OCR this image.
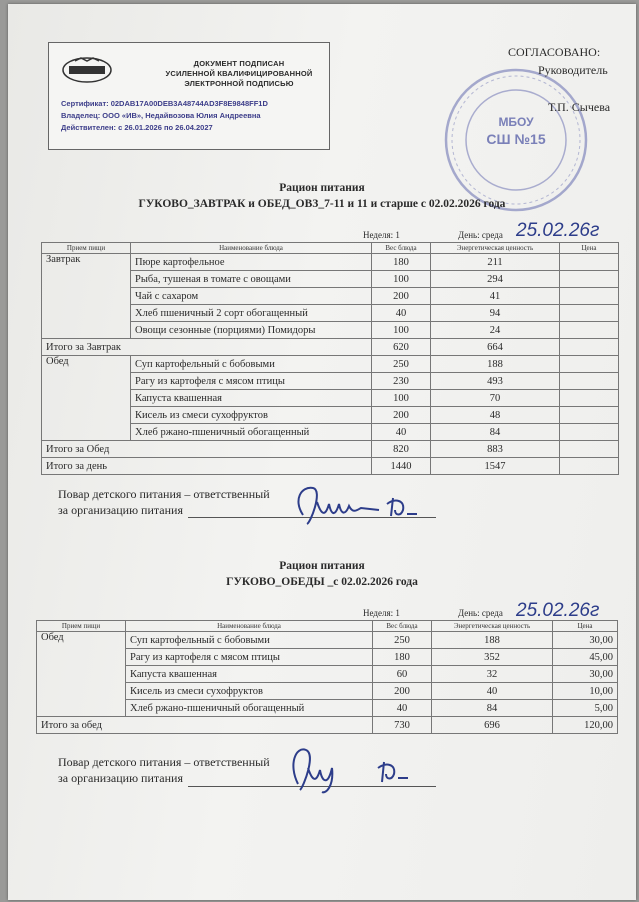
ДОКУМЕНТ ПОДПИСАН
УСИЛЕННОЙ КВАЛИФИЦИРОВАННОЙ
ЭЛЕКТРОННОЙ ПОДПИСЬЮ
Сертификат: 02DAB17A00DEB3A48744AD3F8E9848FF1D
Владелец: ООО «ИВ», Недайвозова Юлия Андреевна
Действителен: с 26.01.2026 по 26.04.2027	МБОУ
СШ №15
СОГЛАСОВАНО:
Руководитель
Т.П. Сычева
Рацион питания
ГУКОВО_ЗАВТРАК и ОБЕД_ОВЗ_7-11 и 11 и старше с 02.02.2026 года
Неделя: 1	День: среда 25.02.26г
Прием пищи	Наименование блюда	Вес блюда	Энергетическая ценность	Цена
Завтрак	Пюре картофельное	180	211	
	Рыба, тушеная в томате с овощами	100	294	
	Чай с сахаром	200	41	
	Хлеб пшеничный 2 сорт обогащенный	40	94	
	Овощи сезонные (порциями) Помидоры	100	24	
Итого за Завтрак		620	664	
Обед	Суп картофельный с бобовыми	250	188	
	Рагу из картофеля с мясом птицы	230	493	
	Капуста квашенная	100	70	
	Кисель из смеси сухофруктов	200	48	
	Хлеб ржано-пшеничный обогащенный	40	84	
Итого за Обед		820	883	
Итого за день		1440	1547	
Повар детского питания – ответственный
за организацию питания
Рацион питания
ГУКОВО_ОБЕДЫ _с 02.02.2026 года
Неделя: 1	День: среда 25.02.26г
Прием пищи	Наименование блюда	Вес блюда	Энергетическая ценность	Цена
Обед	Суп картофельный с бобовыми	250	188	30,00
	Рагу из картофеля с мясом птицы	180	352	45,00
	Капуста квашенная	60	32	30,00
	Кисель из смеси сухофруктов	200	40	10,00
	Хлеб ржано-пшеничный обогащенный	40	84	5,00
Итого за обед		730	696	120,00
Повар детского питания – ответственный
за организацию питания
